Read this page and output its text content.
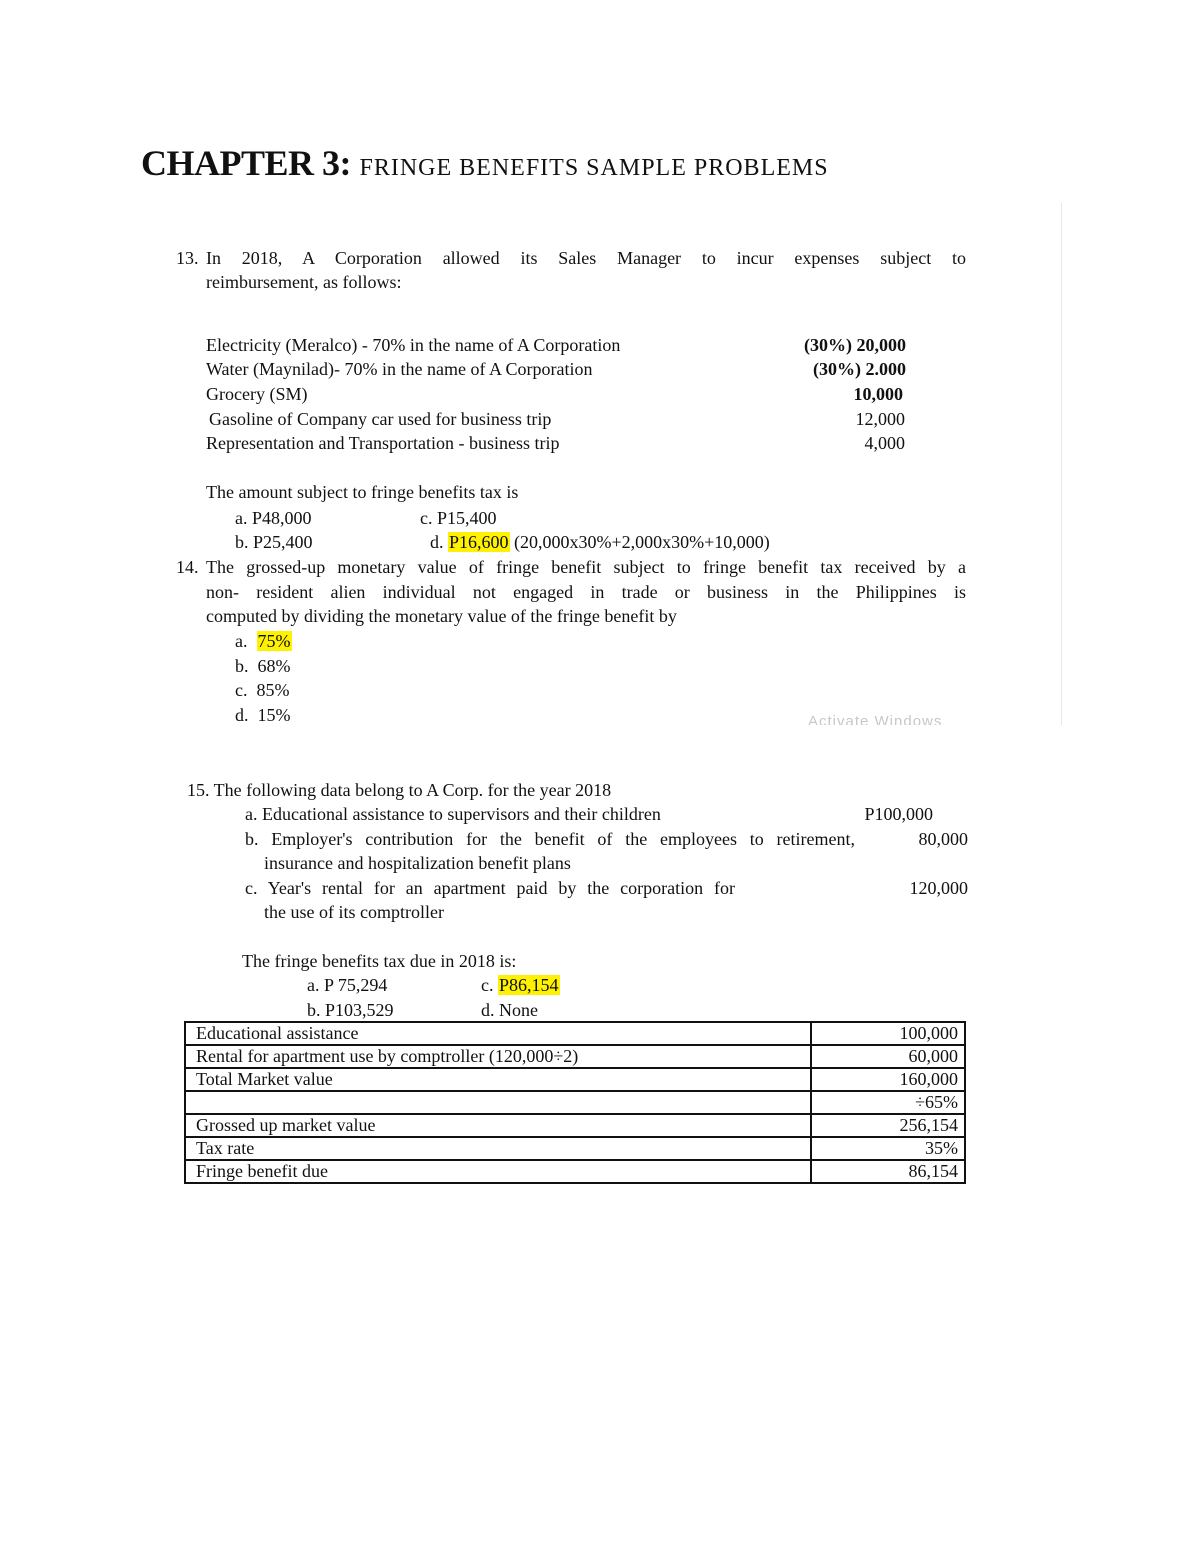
CHAPTER 3: FRINGE BENEFITS SAMPLE PROBLEMS
13. In 2018, A Corporation allowed its Sales Manager to incur expenses subject to
reimbursement, as follows:
Electricity (Meralco) - 70% in the name of A Corporation	(30%) 20,000
Water (Maynilad)- 70% in the name of A Corporation	(30%) 2.000
Grocery (SM)	10,000
Gasoline of Company car used for business trip	12,000
Representation and Transportation - business trip	4,000
The amount subject to fringe benefits tax is
a. P48,000	c. P15,400
b. P25,400	d. P16,600 (20,000x30%+2,000x30%+10,000)
14. The grossed-up monetary value of fringe benefit subject to fringe benefit tax received by a
non- resident alien individual not engaged in trade or business in the Philippines is
computed by dividing the monetary value of the fringe benefit by
a. 75%
b. 68%
c. 85%
d. 15%	Activate Windows
15. The following data belong to A Corp. for the year 2018
a. Educational assistance to supervisors and their children	P100,000
b. Employer's contribution for the benefit of the employees to retirement,
insurance and hospitalization benefit plans
80,000
c. Year's rental for an apartment paid by the corporation for
the use of its comptroller
120,000
The fringe benefits tax due in 2018 is:
a. P 75,294	c. P86,154
b. P103,529	d. None
Educational assistance	100,000
Rental for apartment use by comptroller (120,000÷2)	60,000
Total Market value	160,000
	÷65%
Grossed up market value	256,154
Tax rate	35%
Fringe benefit due	86,154
